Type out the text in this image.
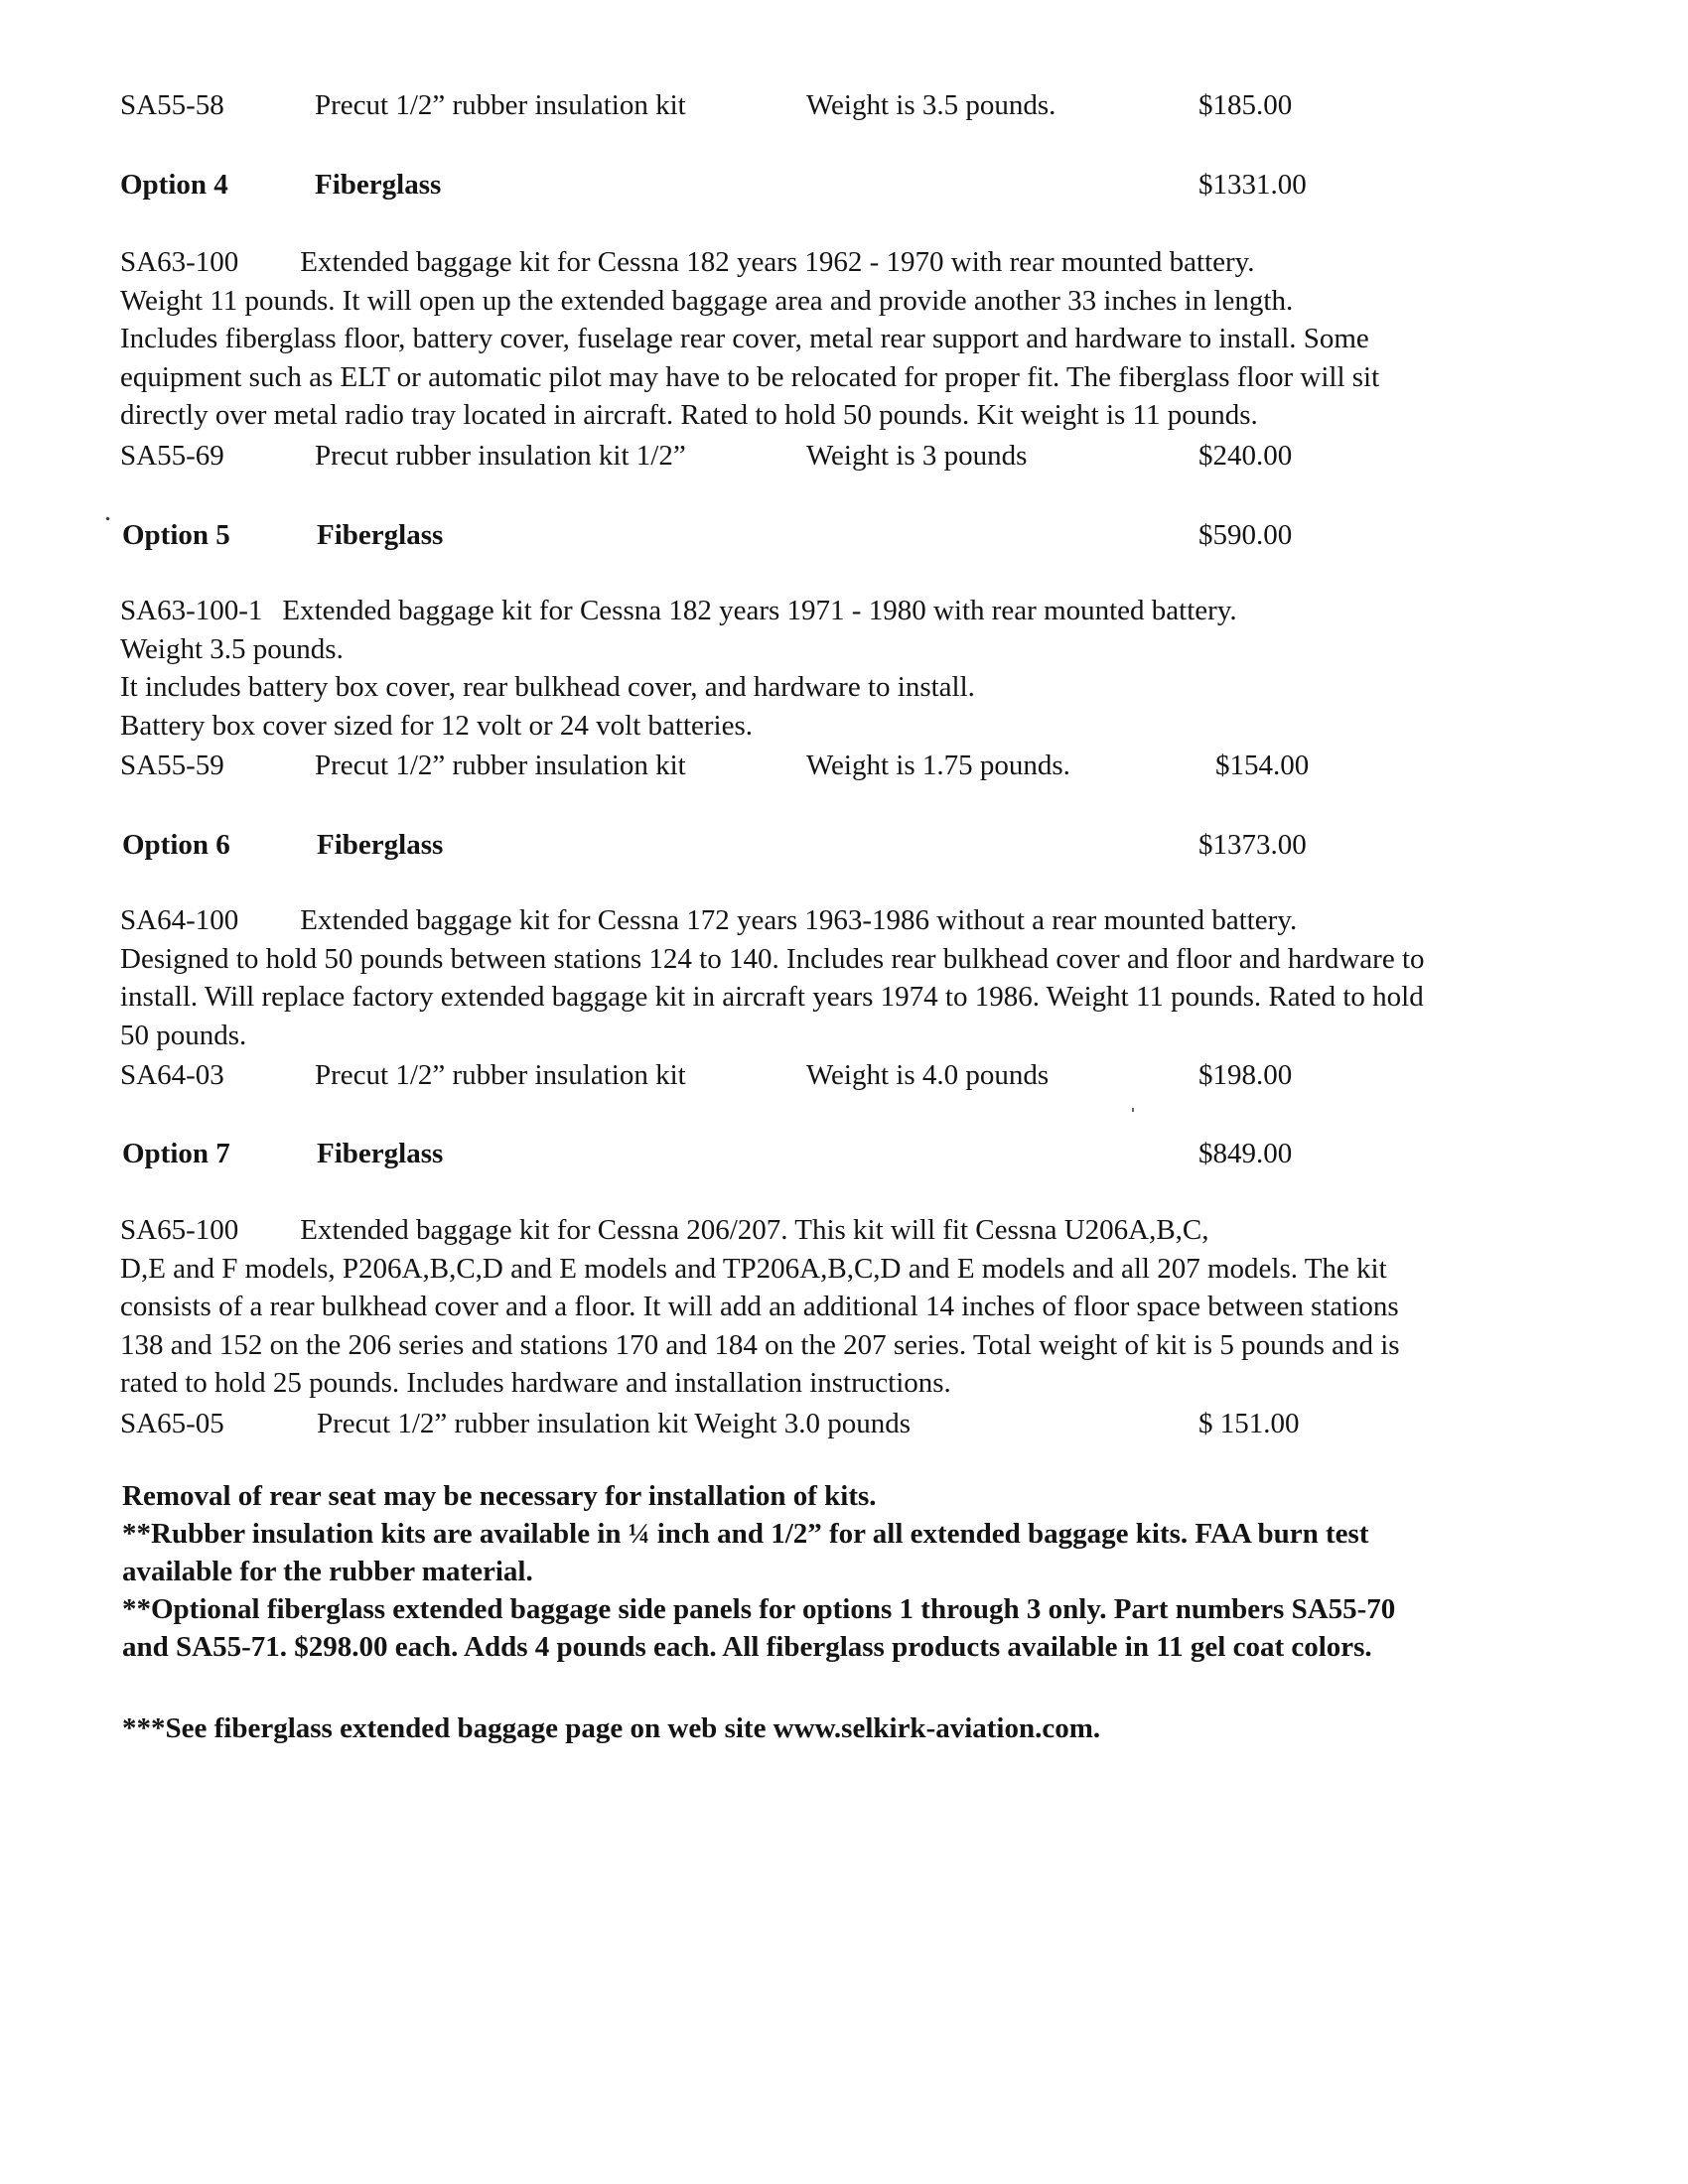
SA55-58	Precut 1/2” rubber insulation kit	Weight is 3.5 pounds.	$185.00
Option 4	Fiberglass	$1331.00
SA63-100 Extended baggage kit for Cessna 182 years 1962 - 1970 with rear mounted battery.
Weight 11 pounds. It will open up the extended baggage area and provide another 33 inches in length.
Includes fiberglass floor, battery cover, fuselage rear cover, metal rear support and hardware to install. Some
equipment such as ELT or automatic pilot may have to be relocated for proper fit. The fiberglass floor will sit
directly over metal radio tray located in aircraft. Rated to hold 50 pounds. Kit weight is 11 pounds.
SA55-69	Precut rubber insulation kit 1/2”	Weight is 3 pounds	$240.00
Option 5	Fiberglass	$590.00
SA63-100-1 Extended baggage kit for Cessna 182 years 1971 - 1980 with rear mounted battery.
Weight 3.5 pounds.
It includes battery box cover, rear bulkhead cover, and hardware to install.
Battery box cover sized for 12 volt or 24 volt batteries.
SA55-59	Precut 1/2” rubber insulation kit	Weight is 1.75 pounds.	$154.00
Option 6	Fiberglass	$1373.00
SA64-100 Extended baggage kit for Cessna 172 years 1963-1986 without a rear mounted battery.
Designed to hold 50 pounds between stations 124 to 140. Includes rear bulkhead cover and floor and hardware to
install. Will replace factory extended baggage kit in aircraft years 1974 to 1986. Weight 11 pounds. Rated to hold
50 pounds.
SA64-03	Precut 1/2” rubber insulation kit	Weight is 4.0 pounds	$198.00
Option 7	Fiberglass	$849.00
SA65-100 Extended baggage kit for Cessna 206/207. This kit will fit Cessna U206A,B,C,
D,E and F models, P206A,B,C,D and E models and TP206A,B,C,D and E models and all 207 models. The kit
consists of a rear bulkhead cover and a floor. It will add an additional 14 inches of floor space between stations
138 and 152 on the 206 series and stations 170 and 184 on the 207 series. Total weight of kit is 5 pounds and is
rated to hold 25 pounds. Includes hardware and installation instructions.
SA65-05	Precut 1/2” rubber insulation kit Weight 3.0 pounds	$ 151.00
Removal of rear seat may be necessary for installation of kits.
**Rubber insulation kits are available in ¼ inch and 1/2” for all extended baggage kits. FAA burn test
available for the rubber material.
**Optional fiberglass extended baggage side panels for options 1 through 3 only. Part numbers SA55-70
and SA55-71. $298.00 each. Adds 4 pounds each. All fiberglass products available in 11 gel coat colors.
***See fiberglass extended baggage page on web site www.selkirk-aviation.com.
